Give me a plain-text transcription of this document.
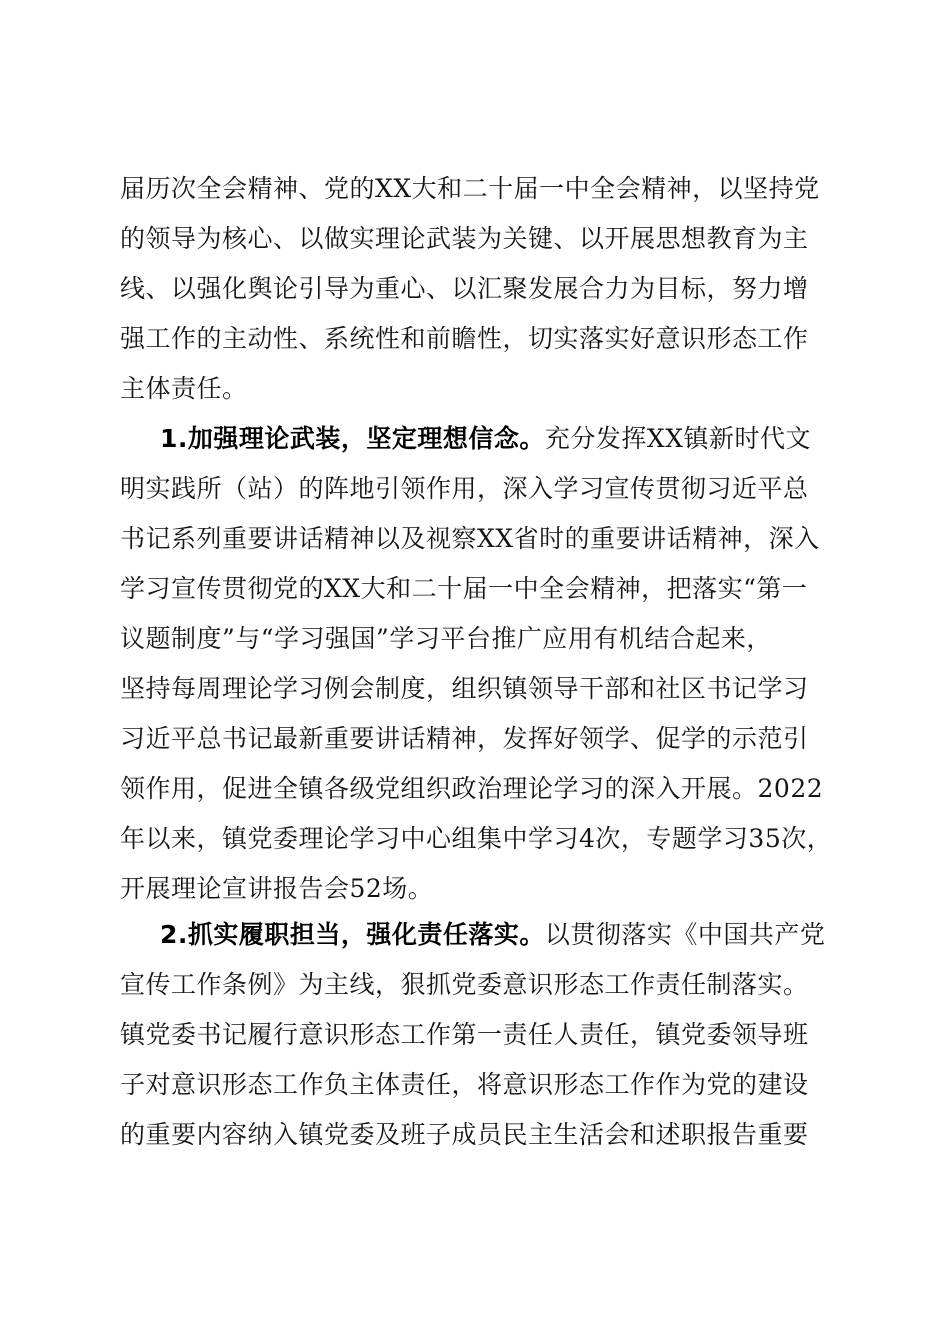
届历次全会精神、党的XX大和二十届一中全会精神，以坚持党
的领导为核心、以做实理论武装为关键、以开展思想教育为主
线、以强化舆论引导为重心、以汇聚发展合力为目标，努力增
强工作的主动性、系统性和前瞻性，切实落实好意识形态工作
主体责任。
1.加强理论武装，坚定理想信念。充分发挥XX镇新时代文
明实践所（站）的阵地引领作用，深入学习宣传贯彻习近平总
书记系列重要讲话精神以及视察XX省时的重要讲话精神，深入
学习宣传贯彻党的XX大和二十届一中全会精神，把落实“第一
议题制度”与“学习强国”学习平台推广应用有机结合起来，
坚持每周理论学习例会制度，组织镇领导干部和社区书记学习
习近平总书记最新重要讲话精神，发挥好领学、促学的示范引
领作用，促进全镇各级党组织政治理论学习的深入开展。2022
年以来，镇党委理论学习中心组集中学习4次，专题学习35次，
开展理论宣讲报告会52场。
2.抓实履职担当，强化责任落实。以贯彻落实《中国共产党
宣传工作条例》为主线，狠抓党委意识形态工作责任制落实。
镇党委书记履行意识形态工作第一责任人责任，镇党委领导班
子对意识形态工作负主体责任，将意识形态工作作为党的建设
的重要内容纳入镇党委及班子成员民主生活会和述职报告重要
